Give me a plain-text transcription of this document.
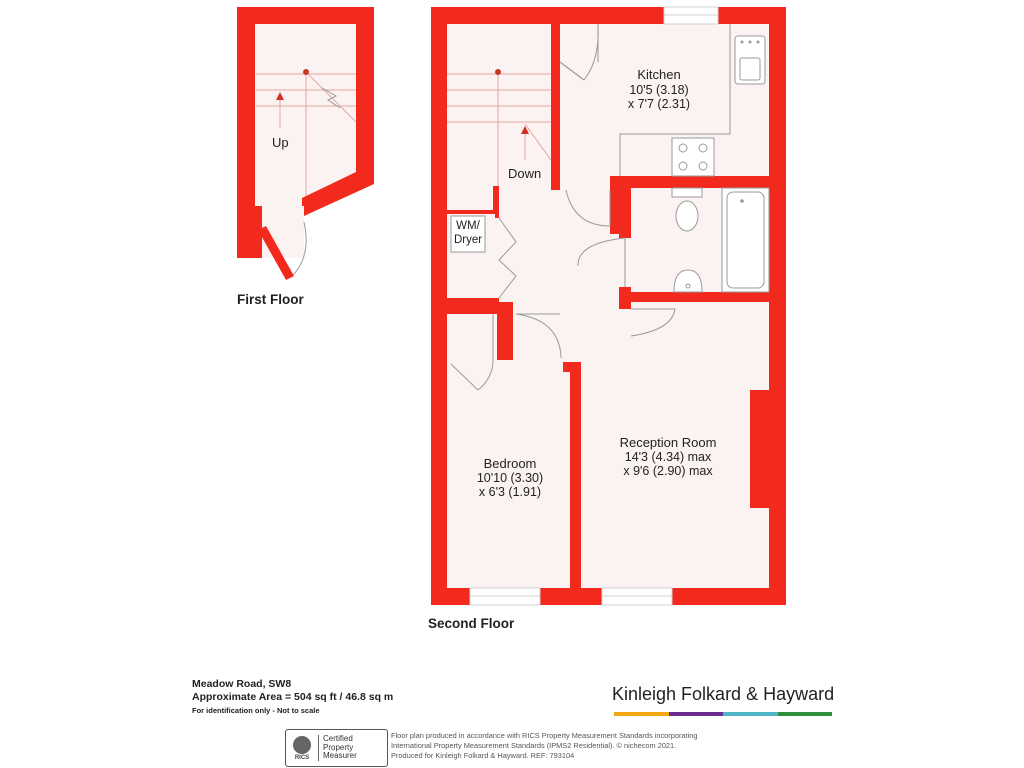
Up
First Floor
Down
Kitchen
10'5 (3.18)
x 7'7 (2.31)
WM/
Dryer
Bedroom
10'10 (3.30)
x 6'3 (1.91)
Reception Room
14'3 (4.34) max
x 9'6 (2.90) max
Second Floor
Meadow Road, SW8
Approximate Area = 504 sq ft / 46.8 sq m
For identification only - Not to scale
RICS
Certified
Property
Measurer
Floor plan produced in accordance with RICS Property Measurement Standards incorporating
International Property Measurement Standards (IPMS2 Residential). © nichecom 2021.
Produced for Kinleigh Folkard & Hayward. REF: 793104
Kinleigh Folkard & Hayward
